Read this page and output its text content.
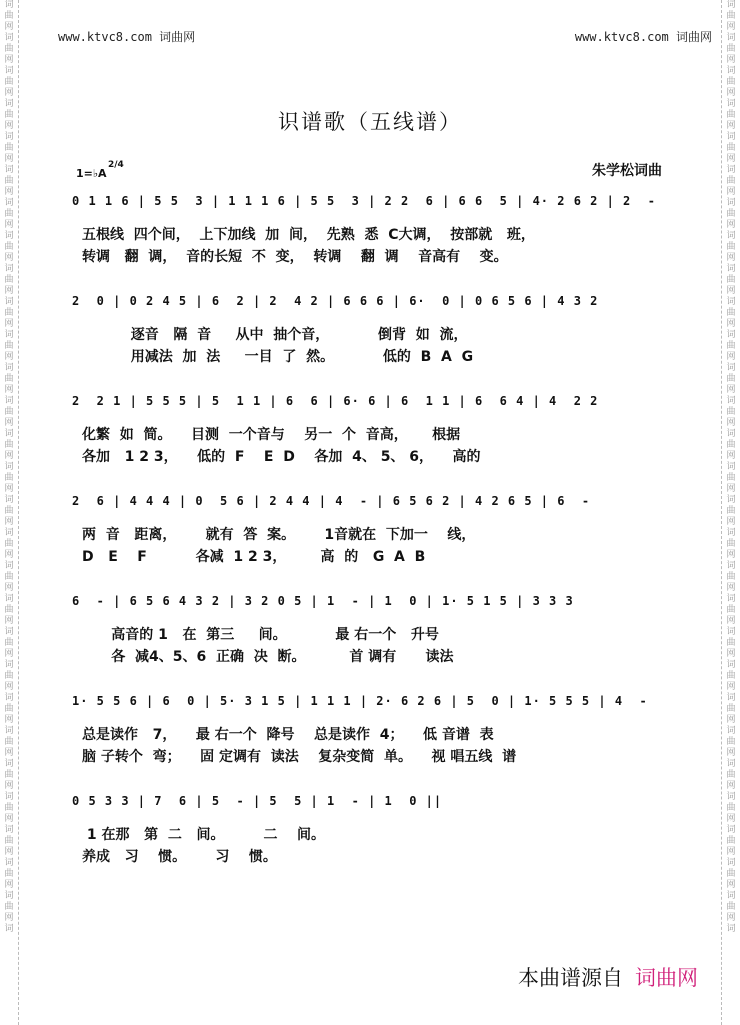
词
曲
网
词
曲
网
词
曲
网
词
曲
网
词
曲
网
词
曲
网
词
曲
网
词
曲
网
词
曲
网
词
曲
网
词
曲
网
词
曲
网
词
曲
网
词
曲
网
词
曲
网
词
曲
网
词
曲
网
词
曲
网
词
曲
网
词
曲
网
词
曲
网
词
曲
网
词
曲
网
词
曲
网
词
曲
网
词
曲
网
词
曲
网
词
曲
网
词
词
曲
网
词
曲
网
词
曲
网
词
曲
网
词
曲
网
词
曲
网
词
曲
网
词
曲
网
词
曲
网
词
曲
网
词
曲
网
词
曲
网
词
曲
网
词
曲
网
词
曲
网
词
曲
网
词
曲
网
词
曲
网
词
曲
网
词
曲
网
词
曲
网
词
曲
网
词
曲
网
词
曲
网
词
曲
网
词
曲
网
词
曲
网
词
曲
网
词
www.ktvc8.com 词曲网	www.ktvc8.com 词曲网
识谱歌（五线谱）
1=♭A
2/4	朱学松词曲
0 1 1 6 | 5 5  3 | 1 1 1 6 | 5 5  3 | 2 2  6 | 6 6  5 | 4· 2 6 2 | 2  -
五根线  四个间，  上下加线  加  间，  先熟  悉  C大调，  按部就   班，
转调   翻  调，  音的长短  不  变，  转调    翻  调    音高有    变。
2  0 | 0 2 4 5 | 6  2 | 2  4 2 | 6 6 6 | 6·  0 | 0 6 5 6 | 4 3 2
逐音   隔  音     从中  抽个音，          倒背  如  流，
用减法  加  法     一目  了  然。          低的  B  A  G
2  2 1 | 5 5 5 | 5  1 1 | 6  6 | 6· 6 | 6  1 1 | 6  6 4 | 4  2 2
化繁  如  简。    目测  一个音与    另一  个  音高，     根据
各加   1 2 3，    低的  F    E  D    各加  4、 5、 6，    高的
2  6 | 4 4 4 | 0  5 6 | 2 4 4 | 4  - | 6 5 6 2 | 4 2 6 5 | 6  -
两  音   距离，      就有  答  案。      1音就在  下加一    线，
D   E    F          各减  1 2 3，       高  的   G  A  B
6  - | 6 5 6 4 3 2 | 3 2 0 5 | 1  - | 1  0 | 1· 5 1 5 | 3 3 3
高音的 1   在  第三     间。          最 右一个   升号
各  减4、5、6  正确  决  断。         首 调有      读法
1· 5 5 6 | 6  0 | 5· 3 1 5 | 1 1 1 | 2· 6 2 6 | 5  0 | 1· 5 5 5 | 4  -
总是读作   7，    最 右一个  降号    总是读作  4；    低 音谱  表
脑 子转个  弯；    固 定调有  读法    复杂变简  单。    视 唱五线  谱
0 5 3 3 | 7  6 | 5  - | 5  5 | 1  - | 1  0 ||
1 在那   第  二   间。        二    间。
养成   习    惯。      习    惯。
本曲谱源自 词曲网
